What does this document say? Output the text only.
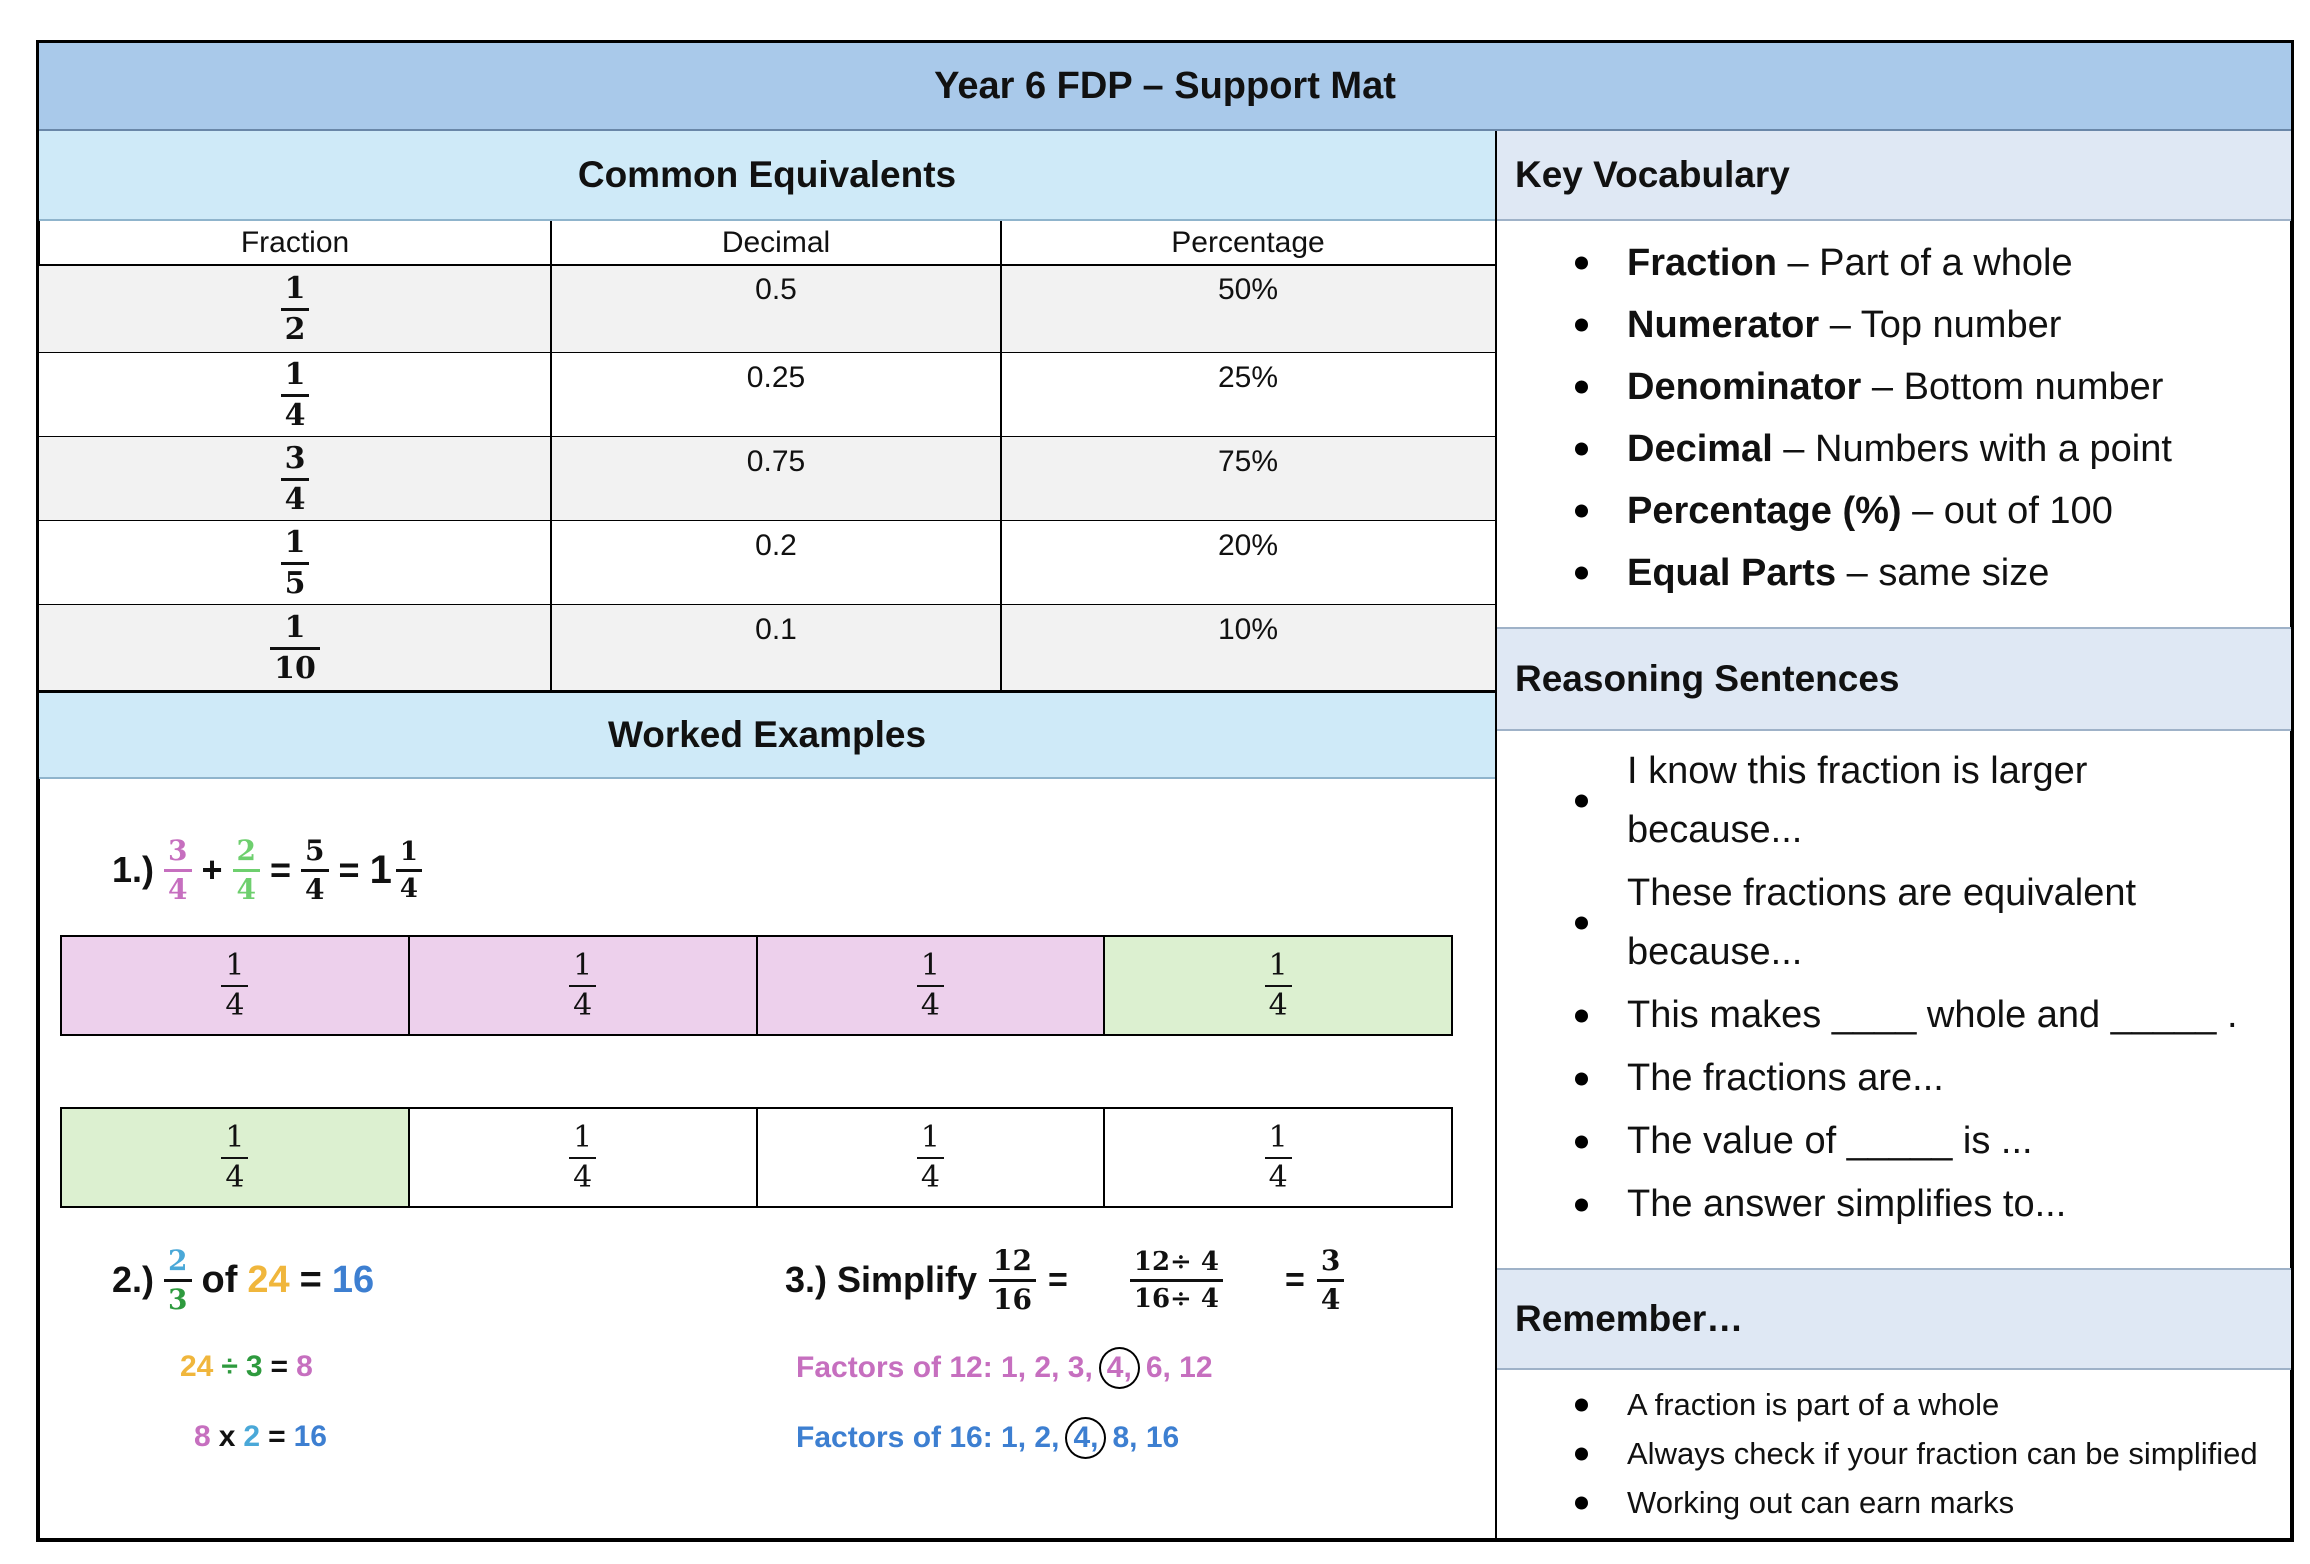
Year 6 FDP – Support Mat
Common Equivalents
Fraction	Decimal	Percentage
$\frac{1}{2}$	0.5	50%
$\frac{1}{4}$	0.25	25%
$\frac{3}{4}$	0.75	75%
$\frac{1}{5}$	0.2	20%
$\frac{1}{10}$	0.1	10%
Worked Examples
$1.) \frac{3}{4} + \frac{2}{4} = \frac{5}{4} = 1 \frac{1}{4}$
$\frac{1}{4}$	$\frac{1}{4}$	$\frac{1}{4}$	$\frac{1}{4}$
$\frac{1}{4}$	$\frac{1}{4}$	$\frac{1}{4}$	$\frac{1}{4}$
$2.) \frac{2}{3}$ of 24 = 16
24 ÷ 3 = 8
8 x 2 = 16
3.) Simplify $\frac{12}{16} = \frac{12\div 4}{16\div 4} = \frac{3}{4}$
Factors of 12: 1, 2, 3, 4, 6, 12
Factors of 16: 1, 2, 4, 8, 16
Key Vocabulary
Fraction – Part of a whole
Numerator – Top number
Denominator – Bottom number
Decimal – Numbers with a point
Percentage (%) – out of 100
Equal Parts – same size
Reasoning Sentences
I know this fraction is larger because...
These fractions are equivalent because...
This makes ____ whole and _____ .
The fractions are...
The value of _____ is ...
The answer simplifies to...
Remember…
A fraction is part of a whole
Always check if your fraction can be simplified
Working out can earn marks
